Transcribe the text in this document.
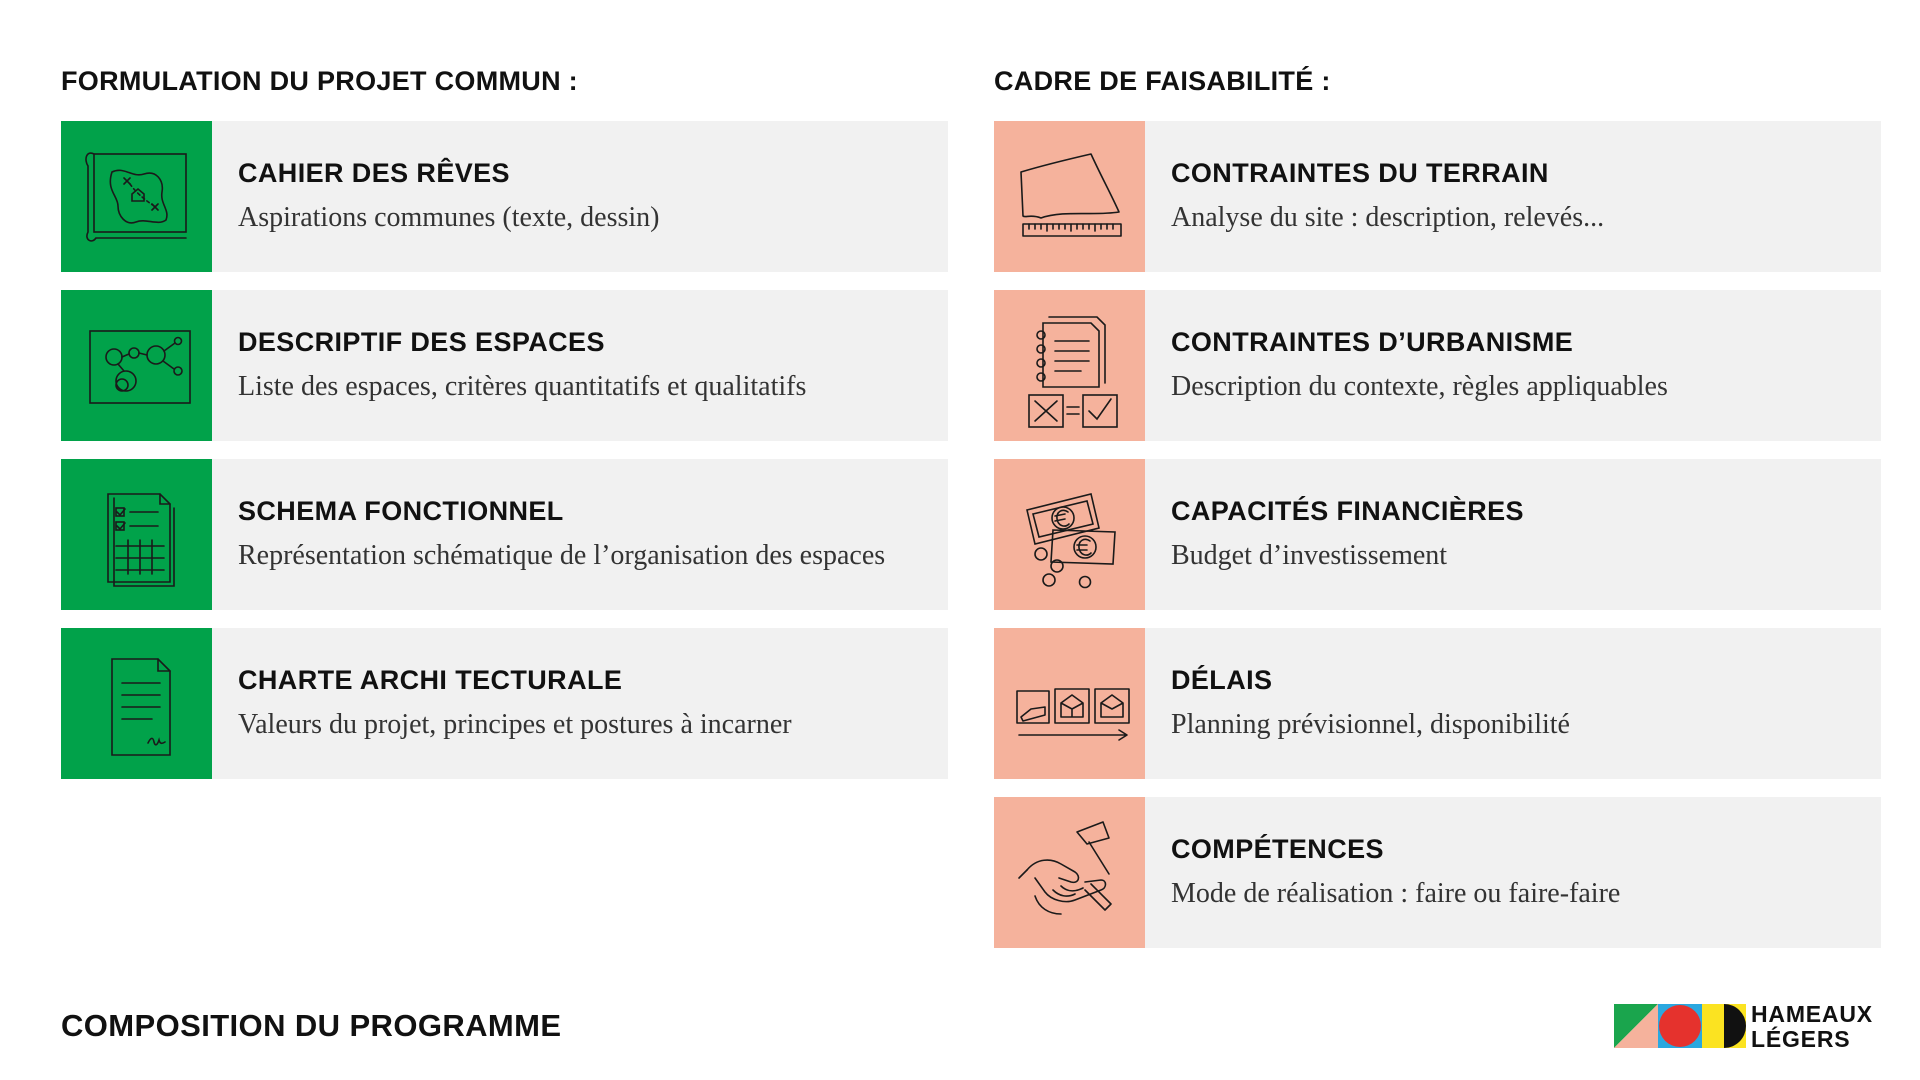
FORMULATION DU PROJET COMMUN :	CADRE DE FAISABILITÉ :
CAHIER DES RÊVES
Aspirations communes (texte, dessin)
DESCRIPTIF DES ESPACES
Liste des espaces, critères quantitatifs et qualitatifs
SCHEMA FONCTIONNEL
Représentation schématique de l’organisation des espaces
CHARTE ARCHI TECTURALE
Valeurs du projet, principes et postures à incarner
CONTRAINTES DU TERRAIN
Analyse du site : description, relevés...
CONTRAINTES D’URBANISME
Description du contexte, règles appliquables
CAPACITÉS FINANCIÈRES
Budget d’investissement
DÉLAIS
Planning prévisionnel, disponibilité
COMPÉTENCES
Mode de réalisation : faire ou faire-faire
COMPOSITION DU PROGRAMME	HAMEAUX
LÉGERS
